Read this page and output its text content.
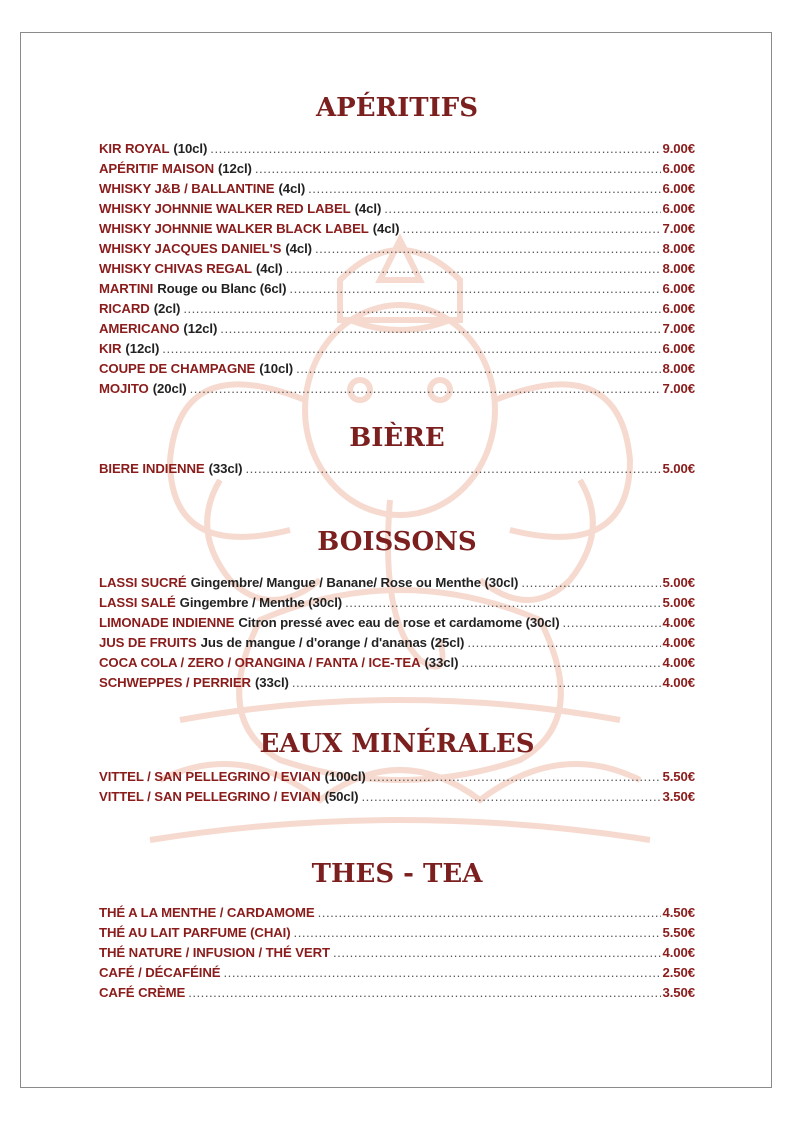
APÉRITIFS
KIR ROYAL (10cl) .....	9.00€
APÉRITIF MAISON (12cl) .....	6.00€
WHISKY J&B / BALLANTINE (4cl) .....	6.00€
WHISKY JOHNNIE WALKER RED LABEL (4cl) .....	6.00€
WHISKY JOHNNIE WALKER BLACK LABEL (4cl) .....	7.00€
WHISKY JACQUES DANIEL'S (4cl) .....	8.00€
WHISKY CHIVAS REGAL (4cl) .....	8.00€
MARTINI Rouge ou Blanc (6cl) .....	6.00€
RICARD (2cl) .....	6.00€
AMERICANO (12cl) .....	7.00€
KIR (12cl) .....	6.00€
COUPE DE CHAMPAGNE (10cl) .....	8.00€
MOJITO (20cl) .....	7.00€
BIÈRE
BIERE INDIENNE (33cl) .....	5.00€
BOISSONS
LASSI SUCRÉ Gingembre/ Mangue / Banane/ Rose ou Menthe (30cl) .....	5.00€
LASSI SALÉ Gingembre / Menthe (30cl) .....	5.00€
LIMONADE INDIENNE Citron pressé avec eau de rose et cardamome (30cl) .....	4.00€
JUS DE FRUITS Jus de mangue / d'orange / d'ananas (25cl) .....	4.00€
COCA COLA / ZERO / ORANGINA / FANTA / ICE-TEA (33cl) .....	4.00€
SCHWEPPES / PERRIER (33cl) .....	4.00€
EAUX MINÉRALES
VITTEL / SAN PELLEGRINO / EVIAN (100cl) .....	5.50€
VITTEL / SAN PELLEGRINO / EVIAN (50cl) .....	3.50€
THES - TEA
THÉ A LA MENTHE / CARDAMOME .....	4.50€
THÉ AU LAIT PARFUME (CHAI) .....	5.50€
THÉ NATURE / INFUSION / THÉ VERT .....	4.00€
CAFÉ / DÉCAFÉINÉ .....	2.50€
CAFÉ CRÈME .....	3.50€
